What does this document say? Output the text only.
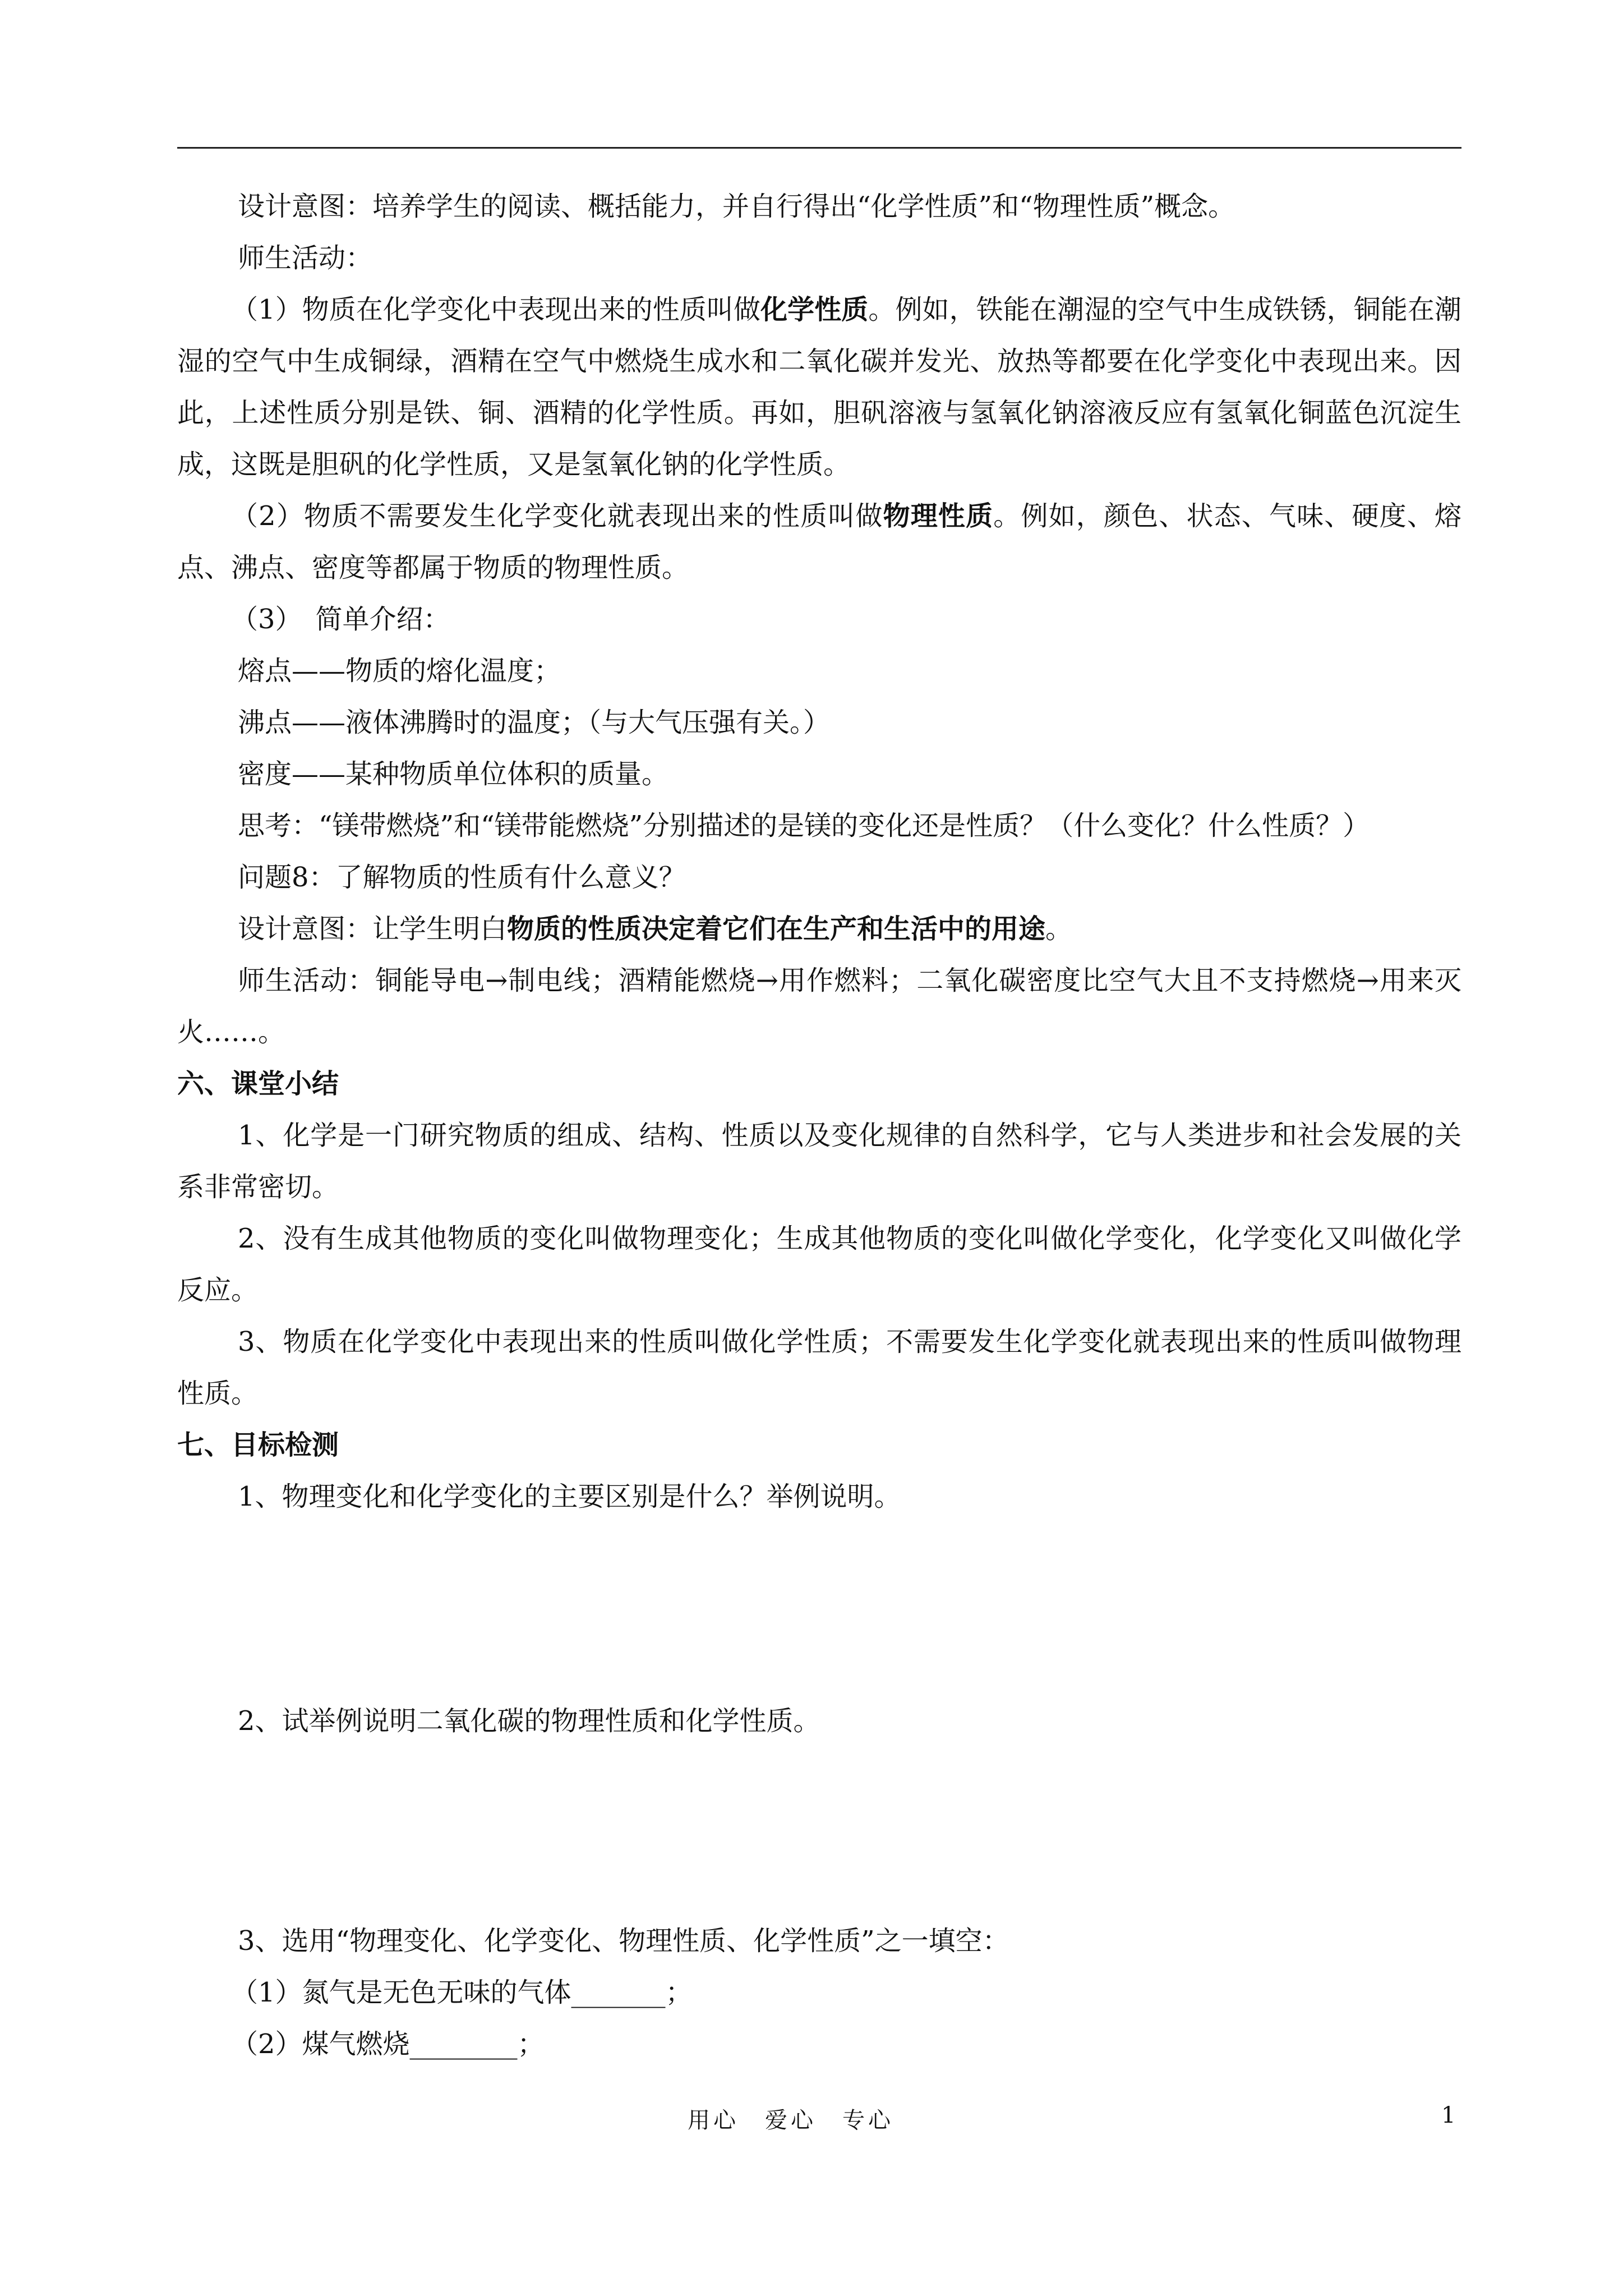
设计意图：培养学生的阅读、概括能力，并自行得出“化学性质”和“物理性质”概念。

师生活动：

（1）物质在化学变化中表现出来的性质叫做化学性质。例如，铁能在潮湿的空气中生成铁锈，铜能在潮湿的空气中生成铜绿，酒精在空气中燃烧生成水和二氧化碳并发光、放热等都要在化学变化中表现出来。因此，上述性质分别是铁、铜、酒精的化学性质。再如，胆矾溶液与氢氧化钠溶液反应有氢氧化铜蓝色沉淀生成，这既是胆矾的化学性质，又是氢氧化钠的化学性质。

（2）物质不需要发生化学变化就表现出来的性质叫做物理性质。例如，颜色、状态、气味、硬度、熔点、沸点、密度等都属于物质的物理性质。

（3）　简单介绍：

熔点——物质的熔化温度；

沸点——液体沸腾时的温度；（与大气压强有关。）

密度——某种物质单位体积的质量。

思考：“镁带燃烧”和“镁带能燃烧”分别描述的是镁的变化还是性质？（什么变化？什么性质？）

问题8：了解物质的性质有什么意义？

设计意图：让学生明白物质的性质决定着它们在生产和生活中的用途。

师生活动：铜能导电→制电线；酒精能燃烧→用作燃料；二氧化碳密度比空气大且不支持燃烧→用来灭火……。

六、课堂小结

1、化学是一门研究物质的组成、结构、性质以及变化规律的自然科学，它与人类进步和社会发展的关系非常密切。

2、没有生成其他物质的变化叫做物理变化；生成其他物质的变化叫做化学变化，化学变化又叫做化学反应。

3、物质在化学变化中表现出来的性质叫做化学性质；不需要发生化学变化就表现出来的性质叫做物理性质。

七、目标检测

1、物理变化和化学变化的主要区别是什么？举例说明。

2、试举例说明二氧化碳的物理性质和化学性质。

3、选用“物理变化、化学变化、物理性质、化学性质”之一填空：

（1）氮气是无色无味的气体_______；

（2）煤气燃烧________；

用心　爱心　专心	1
